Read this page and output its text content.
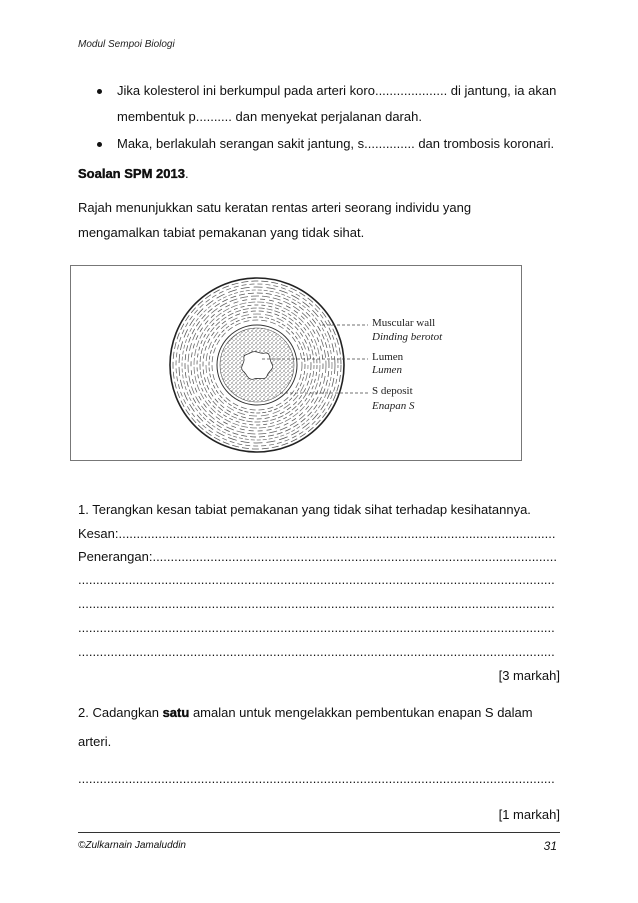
Modul Sempoi Biologi
Jika kolesterol ini berkumpul pada arteri koro.................... di jantung, ia akan
membentuk p.......... dan menyekat perjalanan darah.
Maka, berlakulah serangan sakit jantung, s.............. dan trombosis koronari.
Soalan SPM 2013.
Rajah menunjukkan satu keratan rentas arteri seorang individu yang
mengamalkan tabiat pemakanan yang tidak sihat.
Muscular wall
Dinding berotot
Lumen
Lumen
S deposit
Enapan S
1. Terangkan kesan tabiat pemakanan yang tidak sihat terhadap kesihatannya.
Kesan:.........................................................................................................................
Penerangan:................................................................................................................
....................................................................................................................................
....................................................................................................................................
....................................................................................................................................
....................................................................................................................................
[3 markah]
2. Cadangkan satu amalan untuk mengelakkan pembentukan enapan S dalam
arteri.
....................................................................................................................................
[1 markah]
©Zulkarnain Jamaluddin	31
